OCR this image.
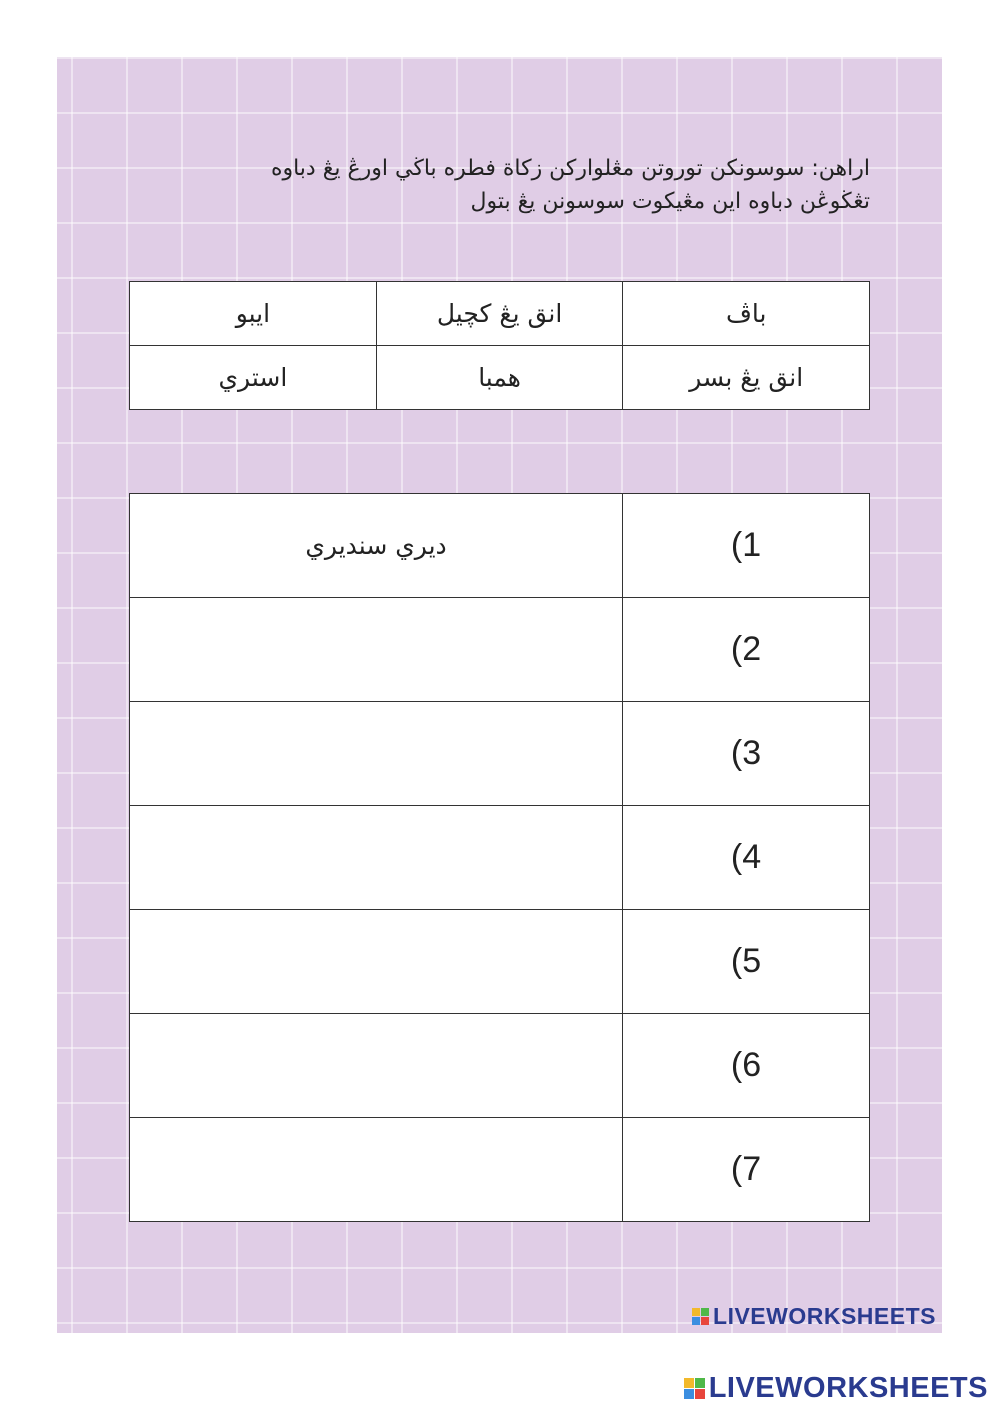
اراهن: سوسونکن توروتن مڠلوارکن زكاة فطره باڬي اورڠ يڠ دباوه
تڠڬوڠن دباوه اين مڠيكوت سوسونن يڠ بتول
باڤ	انق يڠ كچيل	ايبو
انق يڠ بسر	همبا	استري
ديري سنديري	(1
	(2
	(3
	(4
	(5
	(6
	(7
LIVEWORKSHEETS
LIVEWORKSHEETS
